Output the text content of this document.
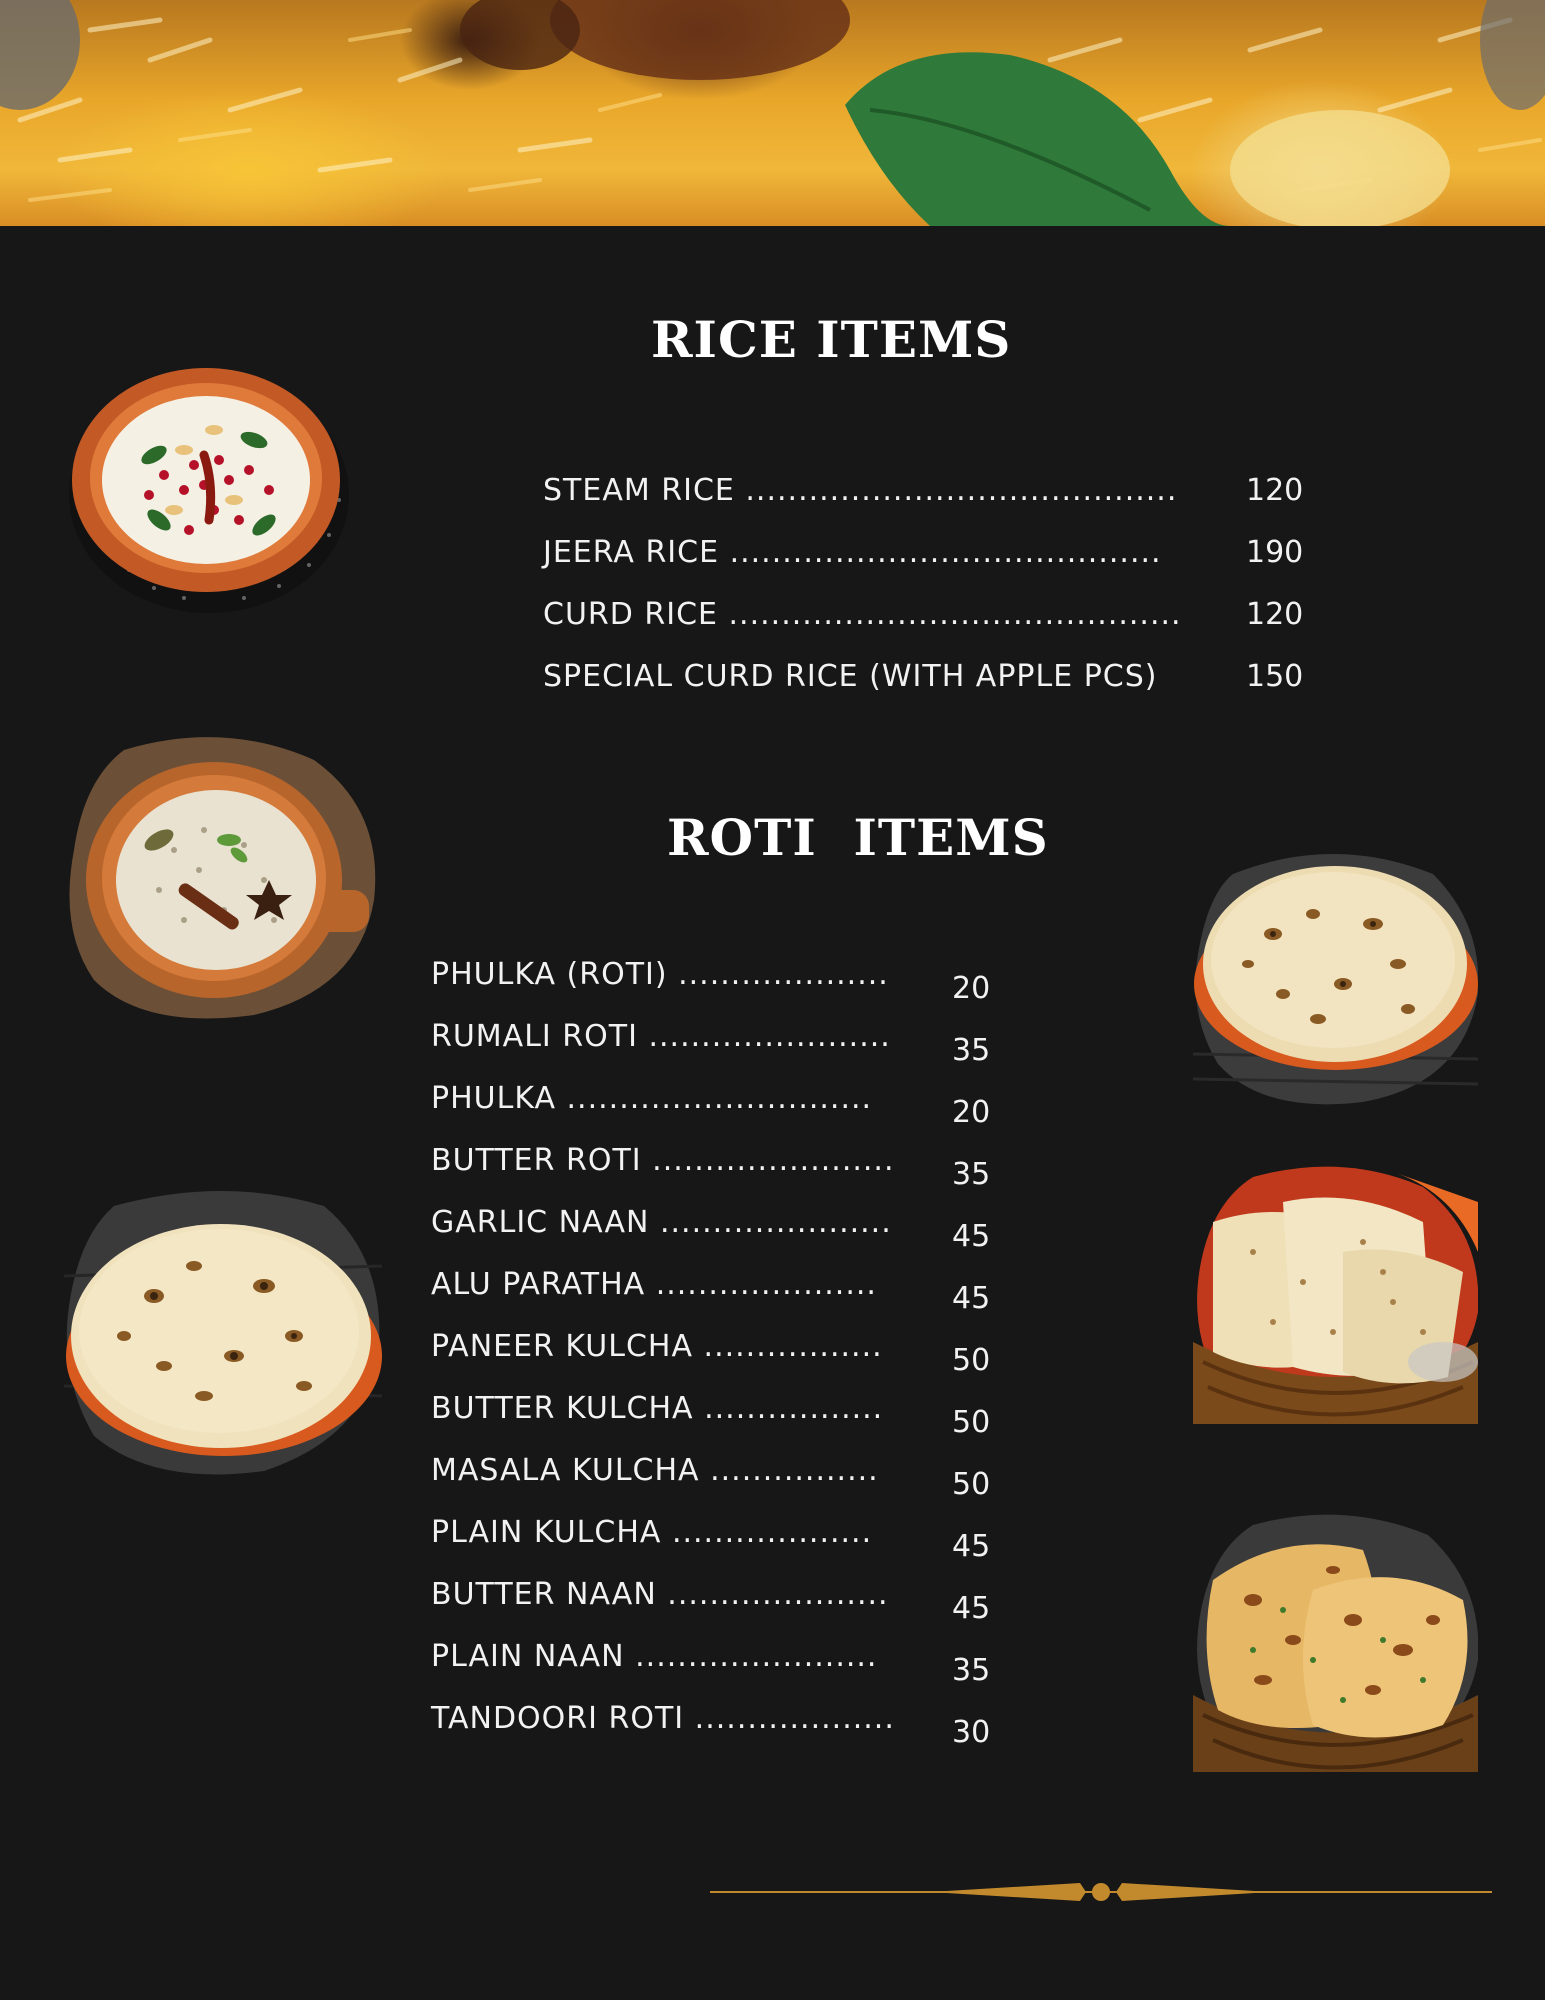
RICE ITEMS
STEAM RICE ......................................... 120
JEERA RICE .........................................	190
CURD RICE ........................................... 120
SPECIAL CURD RICE (WITH APPLE PCS)	150
ROTI  ITEMS
PHULKA (ROTI) .................... 20
RUMALI ROTI ....................... 35
PHULKA .............................	20
BUTTER ROTI ....................... 35
GARLIC NAAN ...................... 45
ALU PARATHA .....................	45
PANEER KULCHA ................. 50
BUTTER KULCHA ................. 50
MASALA KULCHA ................ 50
PLAIN KULCHA ...................	45
BUTTER NAAN ..................... 45
PLAIN NAAN ....................... 35
TANDOORI ROTI ................... 30
